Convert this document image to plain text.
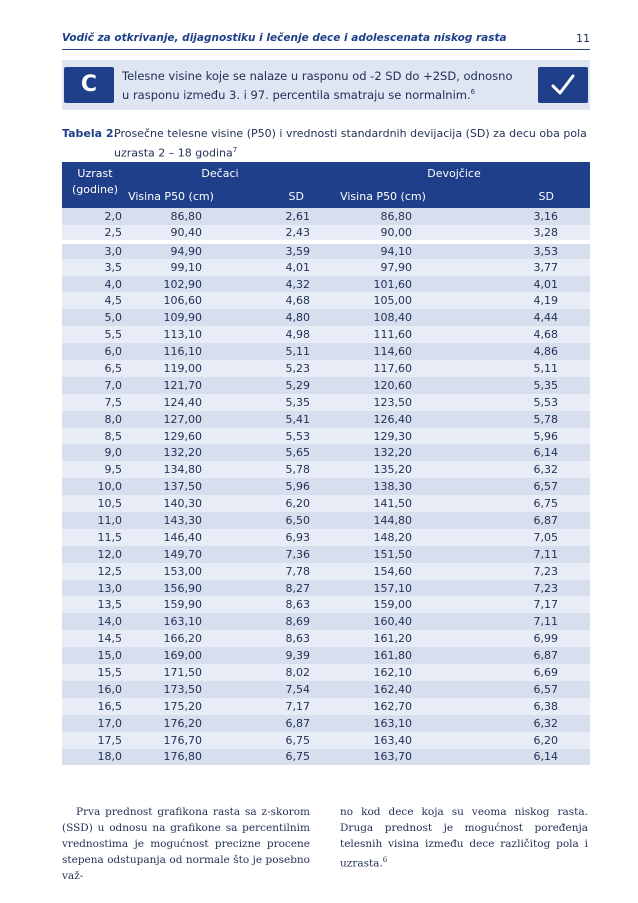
Vodič za otkrivanje, dijagnostiku i lečenje dece i adolescenata niskog rasta	11
C	Telesne visine koje se nalaze u rasponu od -2 SD do +2SD, odnosno u rasponu između 3. i 97. percentila smatraju se normalnim.$^6$
Tabela 2.
Prosečne telesne visine (P50) i vrednosti standardnih devijacija (SD) za decu oba pola uzrasta 2 – 18 godina$^7$
Uzrast (godine)	Dečaci		Devojčice	
	Visina P50 (cm)	SD	Visina P50 (cm)	SD
2,0	86,80	2,61	86,80	3,16
2,5	90,40	2,43	90,00	3,28
3,0	94,90	3,59	94,10	3,53
3,5	99,10	4,01	97,90	3,77
4,0	102,90	4,32	101,60	4,01
4,5	106,60	4,68	105,00	4,19
5,0	109,90	4,80	108,40	4,44
5,5	113,10	4,98	111,60	4,68
6,0	116,10	5,11	114,60	4,86
6,5	119,00	5,23	117,60	5,11
7,0	121,70	5,29	120,60	5,35
7,5	124,40	5,35	123,50	5,53
8,0	127,00	5,41	126,40	5,78
8,5	129,60	5,53	129,30	5,96
9,0	132,20	5,65	132,20	6,14
9,5	134,80	5,78	135,20	6,32
10,0	137,50	5,96	138,30	6,57
10,5	140,30	6,20	141,50	6,75
11,0	143,30	6,50	144,80	6,87
11,5	146,40	6,93	148,20	7,05
12,0	149,70	7,36	151,50	7,11
12,5	153,00	7,78	154,60	7,23
13,0	156,90	8,27	157,10	7,23
13,5	159,90	8,63	159,00	7,17
14,0	163,10	8,69	160,40	7,11
14,5	166,20	8,63	161,20	6,99
15,0	169,00	9,39	161,80	6,87
15,5	171,50	8,02	162,10	6,69
16,0	173,50	7,54	162,40	6,57
16,5	175,20	7,17	162,70	6,38
17,0	176,20	6,87	163,10	6,32
17,5	176,70	6,75	163,40	6,20
18,0	176,80	6,75	163,70	6,14
Prva prednost grafikona rasta sa z-skorom (SSD) u odnosu na grafikone sa percentilnim vrednostima je mogućnost precizne procene stepena odstupanja od normale što je posebno važ-
no kod dece koja su veoma niskog rasta. Druga prednost je mogućnost poređenja telesnih visina između dece različitog pola i uzrasta.$^6$
